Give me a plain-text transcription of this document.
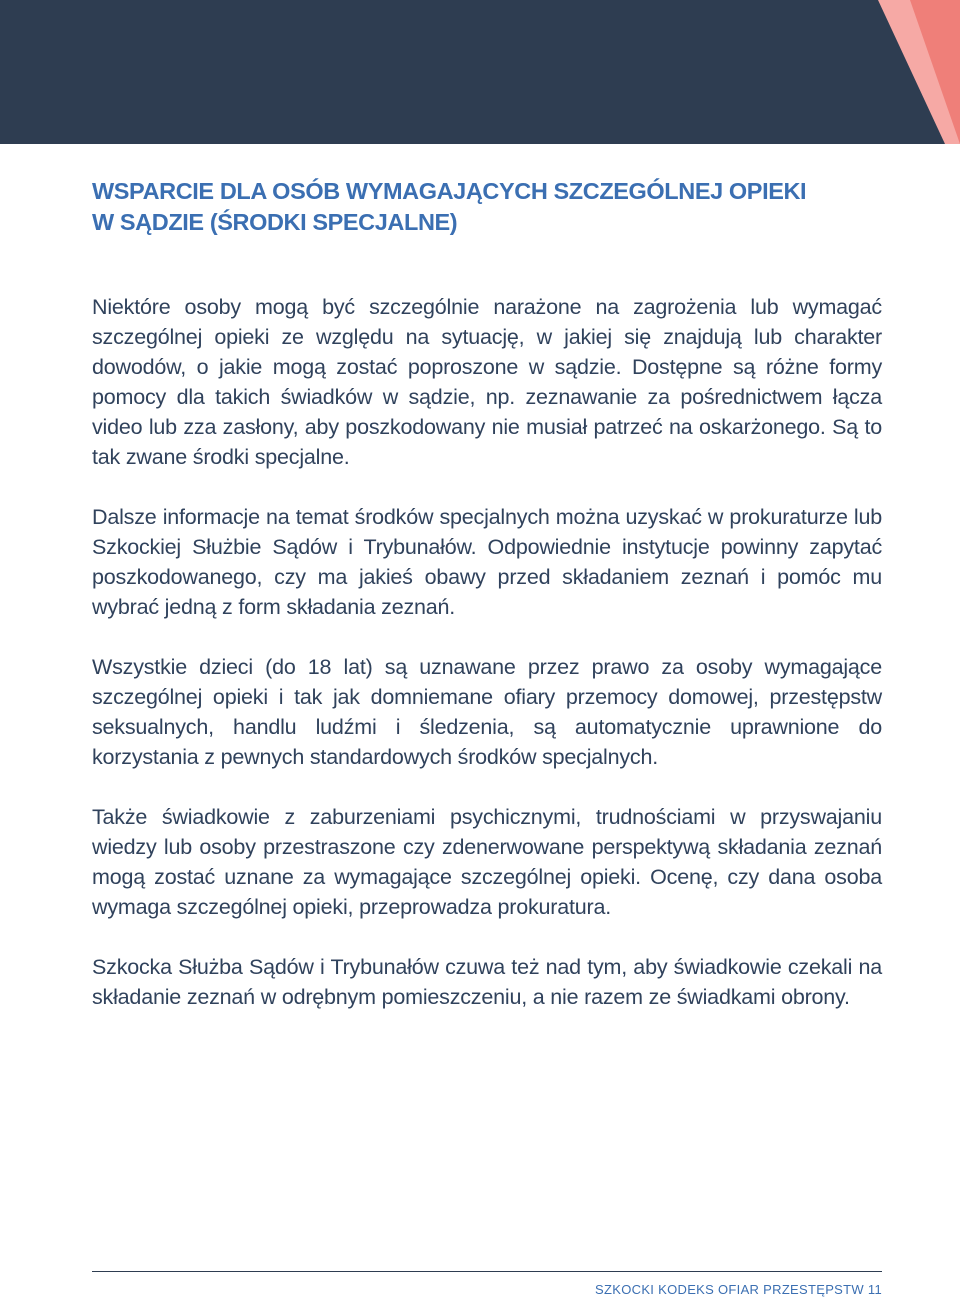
WSPARCIE DLA OSÓB WYMAGAJĄCYCH SZCZEGÓLNEJ OPIEKI
W SĄDZIE (ŚRODKI SPECJALNE)

Niektóre osoby mogą być szczególnie narażone na zagrożenia lub wymagać szczególnej opieki ze względu na sytuację, w jakiej się znajdują lub charakter dowodów, o jakie mogą zostać poproszone w sądzie. Dostępne są różne formy pomocy dla takich świadków w sądzie, np. zeznawanie za pośrednictwem łącza video lub zza zasłony, aby poszkodowany nie musiał patrzeć na oskarżonego. Są to tak zwane środki specjalne.

Dalsze informacje na temat środków specjalnych można uzyskać w prokuraturze lub Szkockiej Służbie Sądów i Trybunałów. Odpowiednie instytucje powinny zapytać poszkodowanego, czy ma jakieś obawy przed składaniem zeznań i pomóc mu wybrać jedną z form składania zeznań.

Wszystkie dzieci (do 18 lat) są uznawane przez prawo za osoby wymagające szczególnej opieki i tak jak domniemane ofiary przemocy domowej, przestępstw seksualnych, handlu ludźmi i śledzenia, są automatycznie uprawnione do korzystania z pewnych standardowych środków specjalnych.

Także świadkowie z zaburzeniami psychicznymi, trudnościami w przyswajaniu wiedzy lub osoby przestraszone czy zdenerwowane perspektywą składania zeznań mogą zostać uznane za wymagające szczególnej opieki. Ocenę, czy dana osoba wymaga szczególnej opieki, przeprowadza prokuratura.

Szkocka Służba Sądów i Trybunałów czuwa też nad tym, aby świadkowie czekali na składanie zeznań w odrębnym pomieszczeniu, a nie razem ze świadkami obrony.

SZKOCKI KODEKS OFIAR PRZESTĘPSTW 11
